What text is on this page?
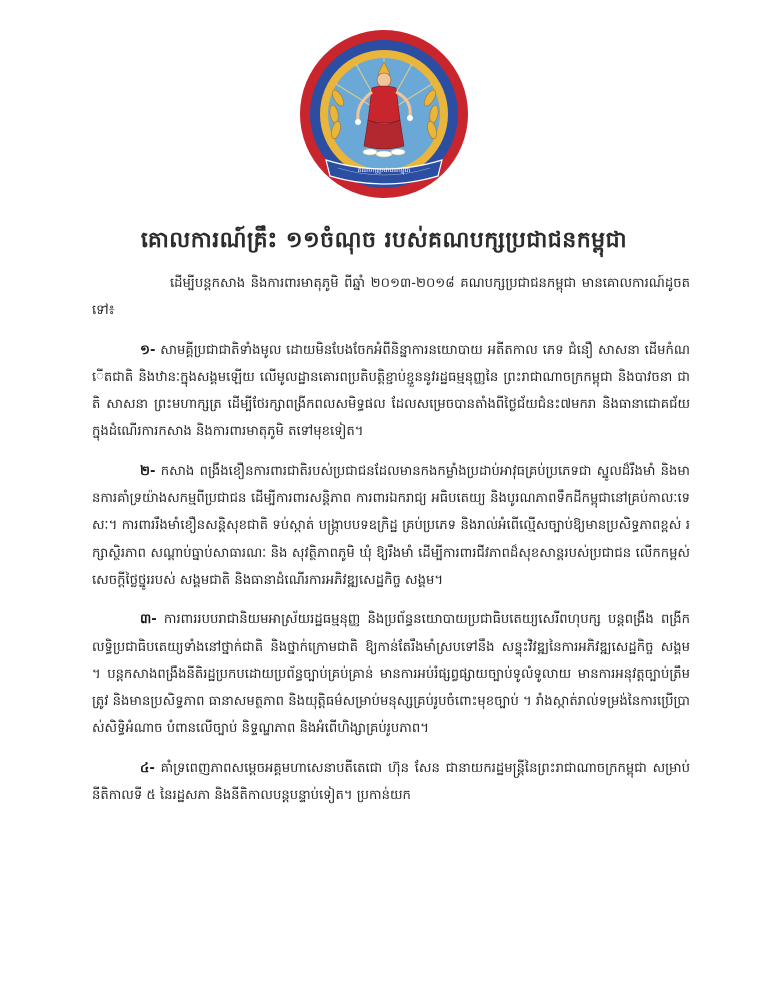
គណបក្សប្រជាជនកម្ពុជា
គោលការណ៍គ្រឹះ ១១ចំណុច របស់គណបក្សប្រជាជនកម្ពុជា

ដើម្បីបន្តកសាង និងការពារមាតុភូមិ ពីឆ្នាំ ២០១៣-២០១៨ គណបក្សប្រជាជនកម្ពុជា មានគោលការណ៍ដូចតទៅ៖

១- សាមគ្គីប្រជាជាតិទាំងមូល ដោយមិនបែងចែកអំពីនិន្នាការនយោបាយ អតីតកាល ភេទ ជំនឿ សាសនា ដើមកំណើតជាតិ និងឋានៈក្នុងសង្គមឡើយ លើមូលដ្ឋានគោរពប្រតិបត្តិខ្ជាប់ខ្ជួននូវរដ្ឋធម្មនុញ្ញនៃ ព្រះរាជាណាចក្រកម្ពុជា និងបាវចនា ជាតិ សាសនា ព្រះមហាក្សត្រ ដើម្បីថែរក្សាពង្រីកពលសមិទ្ធផល ដែលសម្រេចបានតាំងពីថ្ងៃជ័យជំនះ៧មករា និងធានាជោគជ័យក្នុងដំណើរការកសាង និងការពារមាតុភូមិ តទៅមុខទៀត។

២- កសាង ពង្រឹងខឿនការពារជាតិរបស់ប្រជាជនដែលមានកងកម្លាំងប្រដាប់អាវុធគ្រប់ប្រភេទជា ស្នូលដ៏រឹងមាំ និងមានការគាំទ្រយ៉ាងសកម្មពីប្រជាជន ដើម្បីការពារសន្តិភាព ការពារឯករាជ្យ អធិបតេយ្យ និងបូរណភាពទឹកដីកម្ពុជានៅគ្រប់កាលៈទេសៈ។ ការពាររឹងមាំខឿនសន្តិសុខជាតិ ទប់ស្កាត់ បង្ក្រាបបទឧក្រិដ្ឋ គ្រប់ប្រភេទ និងរាល់អំពើល្មើសច្បាប់ឱ្យមានប្រសិទ្ធភាពខ្ពស់ រក្សាស្ថិរភាព សណ្តាប់ធ្នាប់សាធារណៈ និង សុវត្ថិភាពភូមិ ឃុំ ឱ្យរឹងមាំ ដើម្បីការពារជីវភាពដ៏សុខសាន្តរបស់ប្រជាជន លើកកម្ពស់សេចក្តីថ្លៃថ្នូររបស់ សង្គមជាតិ និងធានាដំណើរការអភិវឌ្ឍសេដ្ឋកិច្ច សង្គម។

៣- ការពាររបបរាជានិយមអាស្រ័យរដ្ឋធម្មនុញ្ញ និងប្រព័ន្ធនយោបាយប្រជាធិបតេយ្យសេរីពហុបក្ស បន្តពង្រឹង ពង្រីកលទ្ធិប្រជាធិបតេយ្យទាំងនៅថ្នាក់ជាតិ និងថ្នាក់ក្រោមជាតិ ឱ្យកាន់តែរឹងមាំស្របទៅនឹង សន្ទុះវិវឌ្ឍនៃការអភិវឌ្ឍសេដ្ឋកិច្ច សង្គម ។ បន្តកសាងពង្រឹងនីតិរដ្ឋប្រកបដោយប្រព័ន្ធច្បាប់គ្រប់គ្រាន់ មានការអប់រំផ្សព្វផ្សាយច្បាប់ទូលំទូលាយ មានការអនុវត្តច្បាប់ត្រឹមត្រូវ និងមានប្រសិទ្ធភាព ធានាសមត្ថភាព និងយុត្តិធម៌សម្រាប់មនុស្សគ្រប់រូបចំពោះមុខច្បាប់ ។ រាំងស្កាត់រាល់ទម្រង់នៃការប្រើប្រាស់សិទ្ធិអំណាច បំពានលើច្បាប់ និទ្ទណ្ឌភាព និងអំពើហិង្សាគ្រប់រូបភាព។

៤- គាំទ្រពេញភាពសម្តេចអគ្គមហាសេនាបតីតេជោ ហ៊ុន សែន ជានាយករដ្ឋមន្ត្រីនៃព្រះរាជាណាចក្រកម្ពុជា សម្រាប់នីតិកាលទី ៥ នៃរដ្ឋសភា និងនីតិកាលបន្តបន្ទាប់ទៀត។ ប្រកាន់យក
